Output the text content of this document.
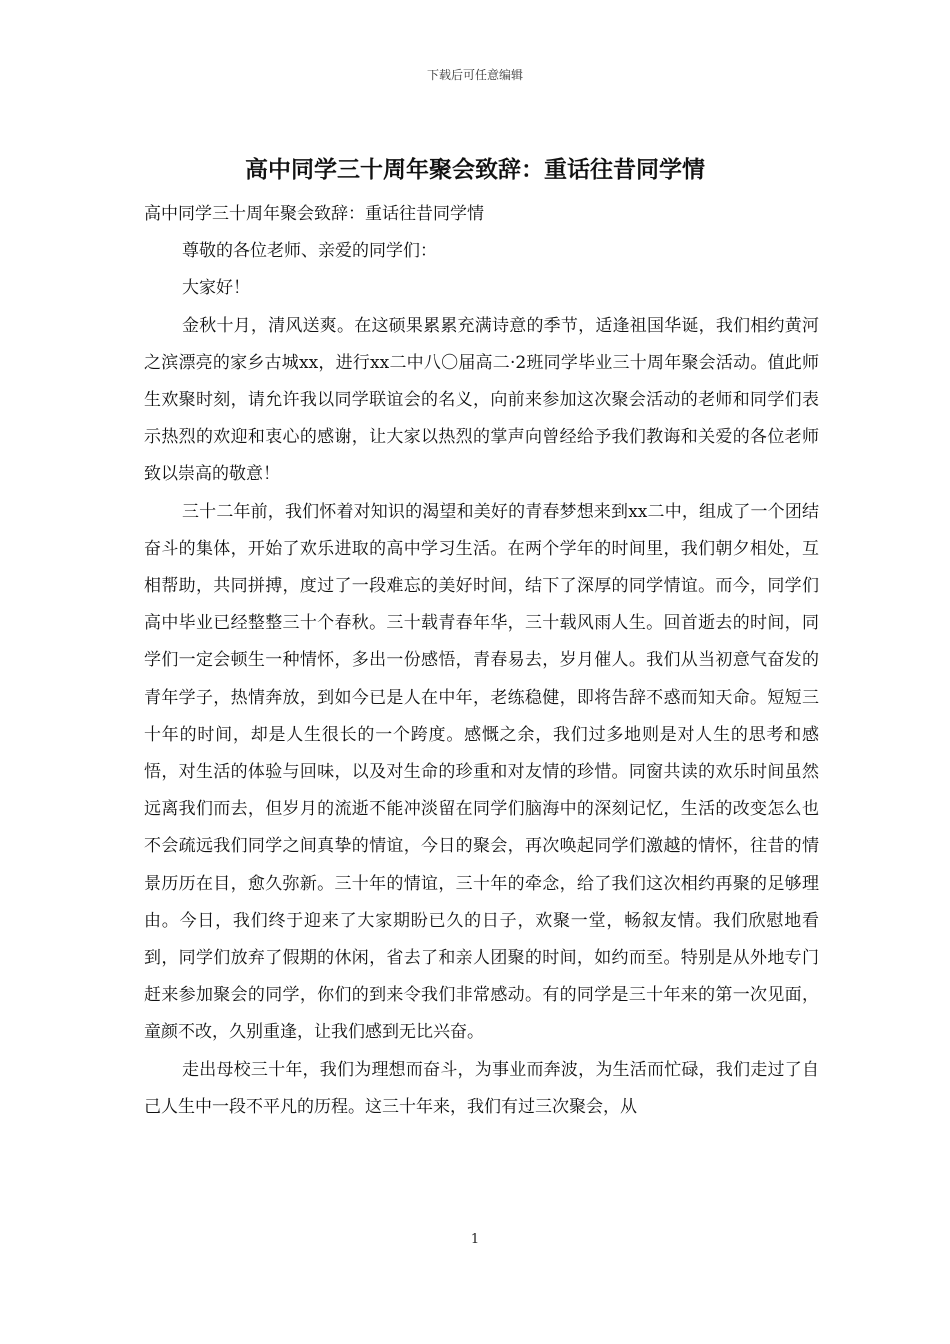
下载后可任意编辑
高中同学三十周年聚会致辞：重话往昔同学情

高中同学三十周年聚会致辞：重话往昔同学情

尊敬的各位老师、亲爱的同学们：

大家好！

金秋十月，清风送爽。在这硕果累累充满诗意的季节，适逢祖国华诞，我们相约黄河之滨漂亮的家乡古城xx，进行xx二中八〇届高二·2班同学毕业三十周年聚会活动。值此师生欢聚时刻，请允许我以同学联谊会的名义，向前来参加这次聚会活动的老师和同学们表示热烈的欢迎和衷心的感谢，让大家以热烈的掌声向曾经给予我们教诲和关爱的各位老师致以崇高的敬意！

三十二年前，我们怀着对知识的渴望和美好的青春梦想来到xx二中，组成了一个团结奋斗的集体，开始了欢乐进取的高中学习生活。在两个学年的时间里，我们朝夕相处，互相帮助，共同拼搏，度过了一段难忘的美好时间，结下了深厚的同学情谊。而今，同学们高中毕业已经整整三十个春秋。三十载青春年华，三十载风雨人生。回首逝去的时间，同学们一定会顿生一种情怀，多出一份感悟，青春易去，岁月催人。我们从当初意气奋发的青年学子，热情奔放，到如今已是人在中年，老练稳健，即将告辞不惑而知天命。短短三十年的时间，却是人生很长的一个跨度。感慨之余，我们过多地则是对人生的思考和感悟，对生活的体验与回味，以及对生命的珍重和对友情的珍惜。同窗共读的欢乐时间虽然远离我们而去，但岁月的流逝不能冲淡留在同学们脑海中的深刻记忆，生活的改变怎么也不会疏远我们同学之间真挚的情谊，今日的聚会，再次唤起同学们激越的情怀，往昔的情景历历在目，愈久弥新。三十年的情谊，三十年的牵念，给了我们这次相约再聚的足够理由。今日，我们终于迎来了大家期盼已久的日子，欢聚一堂，畅叙友情。我们欣慰地看到，同学们放弃了假期的休闲，省去了和亲人团聚的时间，如约而至。特别是从外地专门赶来参加聚会的同学，你们的到来令我们非常感动。有的同学是三十年来的第一次见面，童颜不改，久别重逢，让我们感到无比兴奋。

走出母校三十年，我们为理想而奋斗，为事业而奔波，为生活而忙碌，我们走过了自己人生中一段不平凡的历程。这三十年来，我们有过三次聚会，从

1
